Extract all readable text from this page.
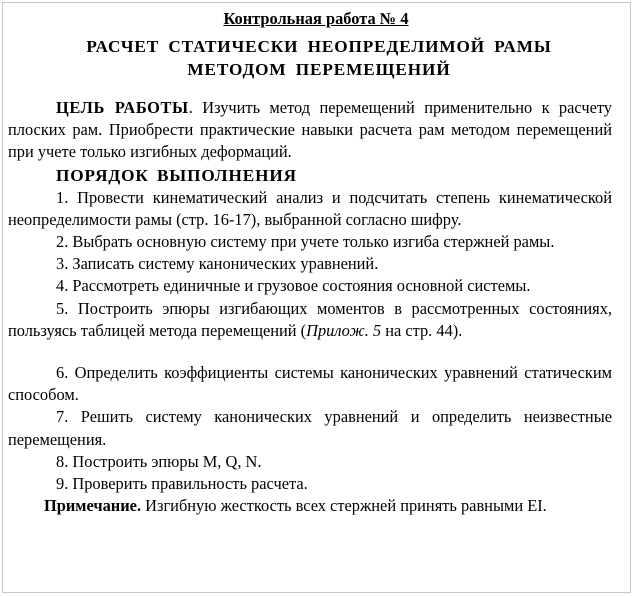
Контрольная работа № 4
РАСЧЕТ СТАТИЧЕСКИ НЕОПРЕДЕЛИМОЙ РАМЫ
МЕТОДОМ ПЕРЕМЕЩЕНИЙ

ЦЕЛЬ РАБОТЫ. Изучить метод перемещений применительно к расчету плоских рам. Приобрести практические навыки расчета рам методом перемещений при учете только изгибных деформаций.

ПОРЯДОК ВЫПОЛНЕНИЯ

1. Провести кинематический анализ и подсчитать степень кинематической неопределимости рамы (стр. 16-17), выбранной согласно шифру.

2. Выбрать основную систему при учете только изгиба стержней рамы.

3. Записать систему канонических уравнений.

4. Рассмотреть единичные и грузовое состояния основной системы.

5. Построить эпюры изгибающих моментов в рассмотренных состояниях, пользуясь таблицей метода перемещений (Прилож. 5 на стр. 44).

6. Определить коэффициенты системы канонических уравнений статическим способом.

7. Решить систему канонических уравнений и определить неизвестные перемещения.

8. Построить эпюры M, Q, N.

9. Проверить правильность расчета.

Примечание. Изгибную жесткость всех стержней принять равными EI.
